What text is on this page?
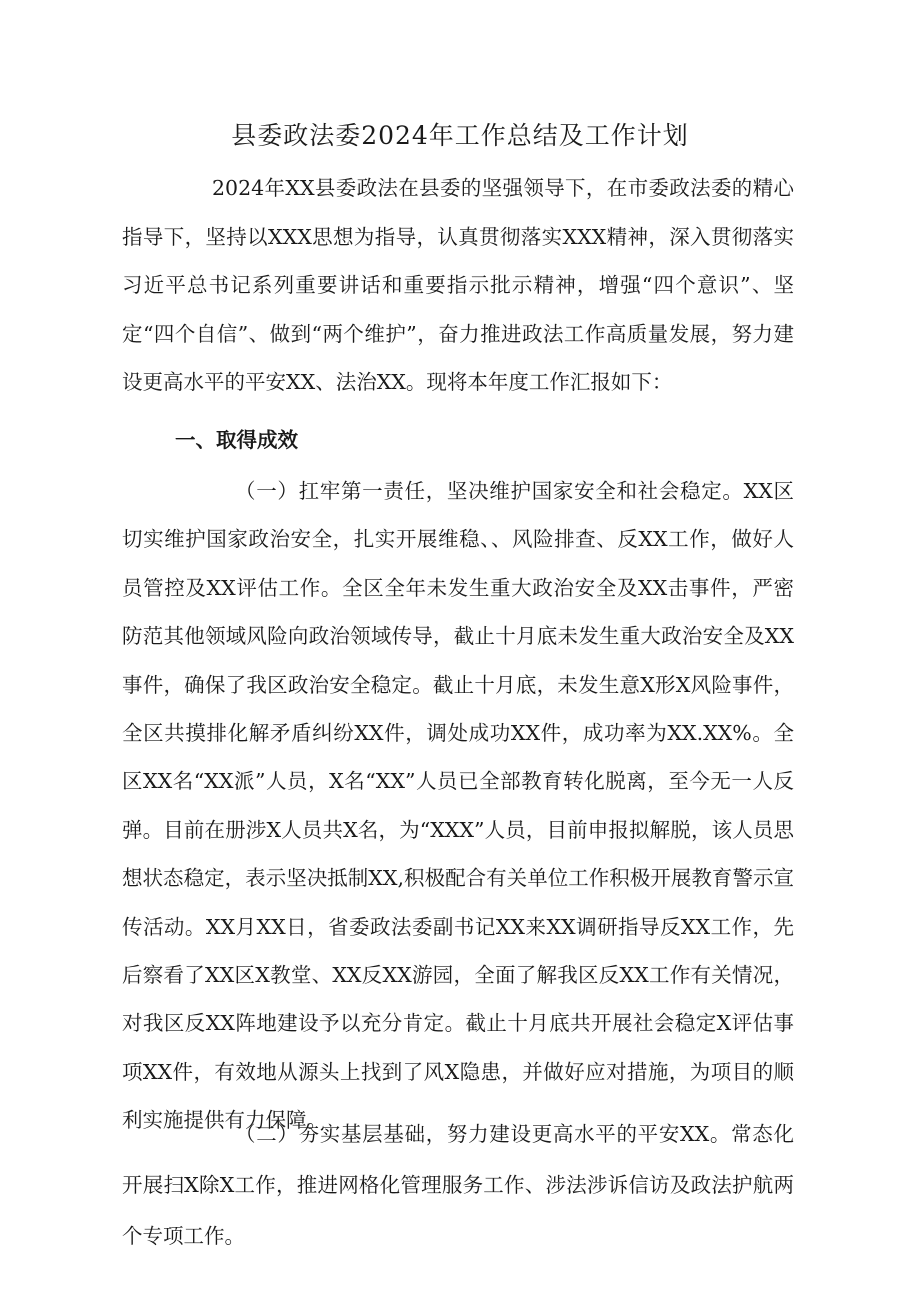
县委政法委2024年工作总结及工作计划

2024年XX县委政法在县委的坚强领导下，在市委政法委的精心指导下，坚持以XXX思想为指导，认真贯彻落实XXX精神，深入贯彻落实习近平总书记系列重要讲话和重要指示批示精神，增强“四个意识”、坚定“四个自信”、做到“两个维护”，奋力推进政法工作高质量发展，努力建设更高水平的平安XX、法治XX。现将本年度工作汇报如下：

一、取得成效

（一）扛牢第一责任，坚决维护国家安全和社会稳定。XX区切实维护国家政治安全，扎实开展维稳、、风险排查、反XX工作，做好人员管控及XX评估工作。全区全年未发生重大政治安全及XX击事件，严密防范其他领域风险向政治领域传导，截止十月底未发生重大政治安全及XX事件，确保了我区政治安全稳定。截止十月底，未发生意X形X风险事件，全区共摸排化解矛盾纠纷XX件，调处成功XX件，成功率为XX.XX%。全区XX名“XX派”人员，X名“XX”人员已全部教育转化脱离，至今无一人反弹。目前在册涉X人员共X名，为“XXX”人员，目前申报拟解脱，该人员思想状态稳定，表示坚决抵制XX,积极配合有关单位工作积极开展教育警示宣传活动。XX月XX日，省委政法委副书记XX来XX调研指导反XX工作，先后察看了XX区X教堂、XX反XX游园，全面了解我区反XX工作有关情况，对我区反XX阵地建设予以充分肯定。截止十月底共开展社会稳定X评估事项XX件，有效地从源头上找到了风X隐患，并做好应对措施，为项目的顺利实施提供有力保障。

（二）夯实基层基础，努力建设更高水平的平安XX。常态化开展扫X除X工作，推进网格化管理服务工作、涉法涉诉信访及政法护航两个专项工作。
